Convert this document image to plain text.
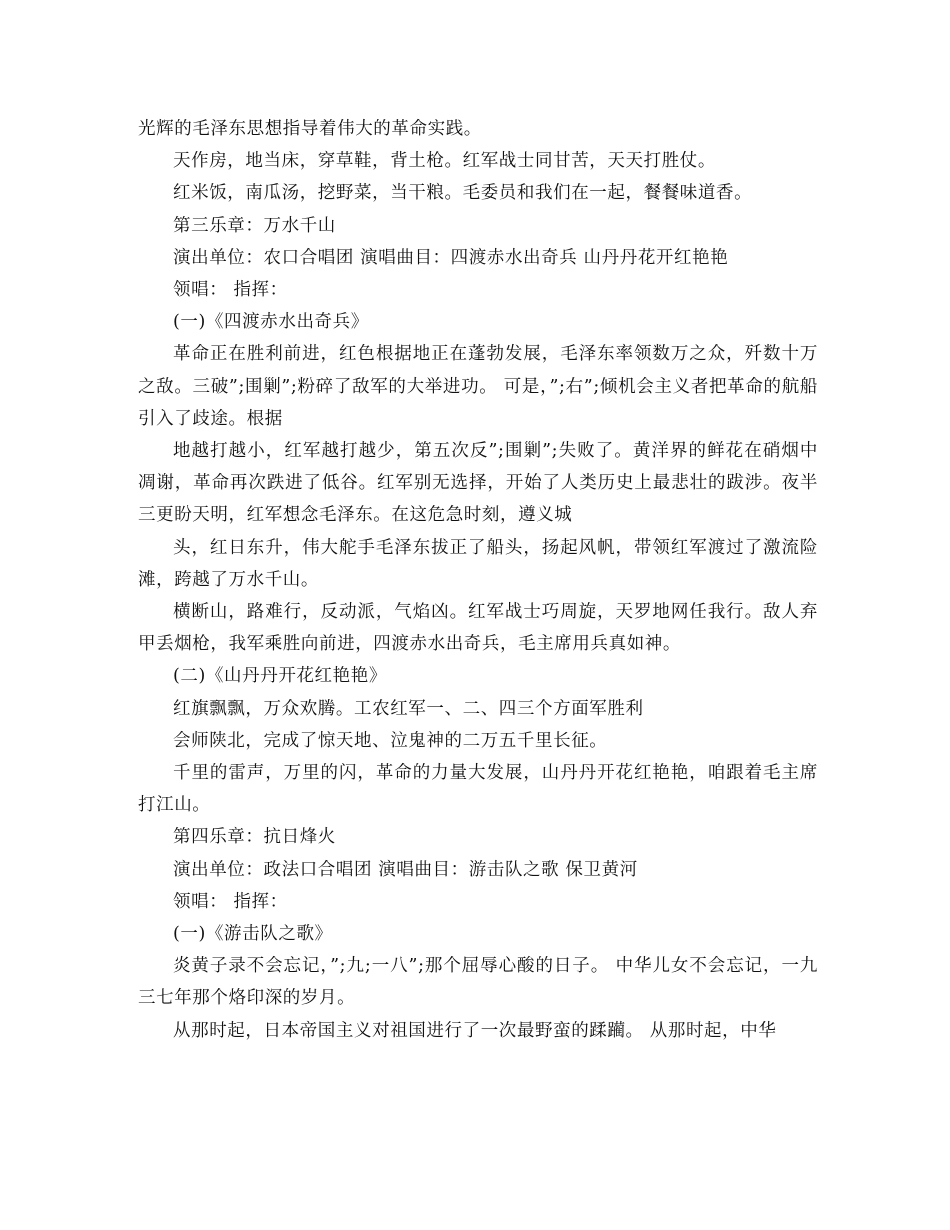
光辉的毛泽东思想指导着伟大的革命实践。

天作房，地当床，穿草鞋，背土枪。红军战士同甘苦，天天打胜仗。

红米饭，南瓜汤，挖野菜，当干粮。毛委员和我们在一起，餐餐味道香。

第三乐章：万水千山

演出单位：农口合唱团 演唱曲目：四渡赤水出奇兵 山丹丹花开红艳艳

领唱： 指挥：

(一)《四渡赤水出奇兵》

革命正在胜利前进，红色根据地正在蓬勃发展，毛泽东率领数万之众，歼数十万之敌。三破”;围剿”;粉碎了敌军的大举进功。 可是，”;右”;倾机会主义者把革命的航船引入了歧途。根据

地越打越小，红军越打越少，第五次反”;围剿”;失败了。黄洋界的鲜花在硝烟中凋谢，革命再次跌进了低谷。红军别无选择，开始了人类历史上最悲壮的跋涉。夜半三更盼天明，红军想念毛泽东。在这危急时刻，遵义城

头，红日东升，伟大舵手毛泽东拔正了船头，扬起风帆，带领红军渡过了激流险滩，跨越了万水千山。

横断山，路难行，反动派，气焰凶。红军战士巧周旋，天罗地网任我行。敌人弃甲丢烟枪，我军乘胜向前进，四渡赤水出奇兵，毛主席用兵真如神。

(二)《山丹丹开花红艳艳》

红旗飘飘，万众欢腾。工农红军一、二、四三个方面军胜利

会师陕北，完成了惊天地、泣鬼神的二万五千里长征。

千里的雷声，万里的闪，革命的力量大发展，山丹丹开花红艳艳，咱跟着毛主席打江山。

第四乐章：抗日烽火

演出单位：政法口合唱团 演唱曲目：游击队之歌 保卫黄河

领唱： 指挥：

(一)《游击队之歌》

炎黄子录不会忘记，”;九;一八”;那个屈辱心酸的日子。 中华儿女不会忘记，一九三七年那个烙印深的岁月。

从那时起，日本帝国主义对祖国进行了一次最野蛮的蹂躏。 从那时起，中华
